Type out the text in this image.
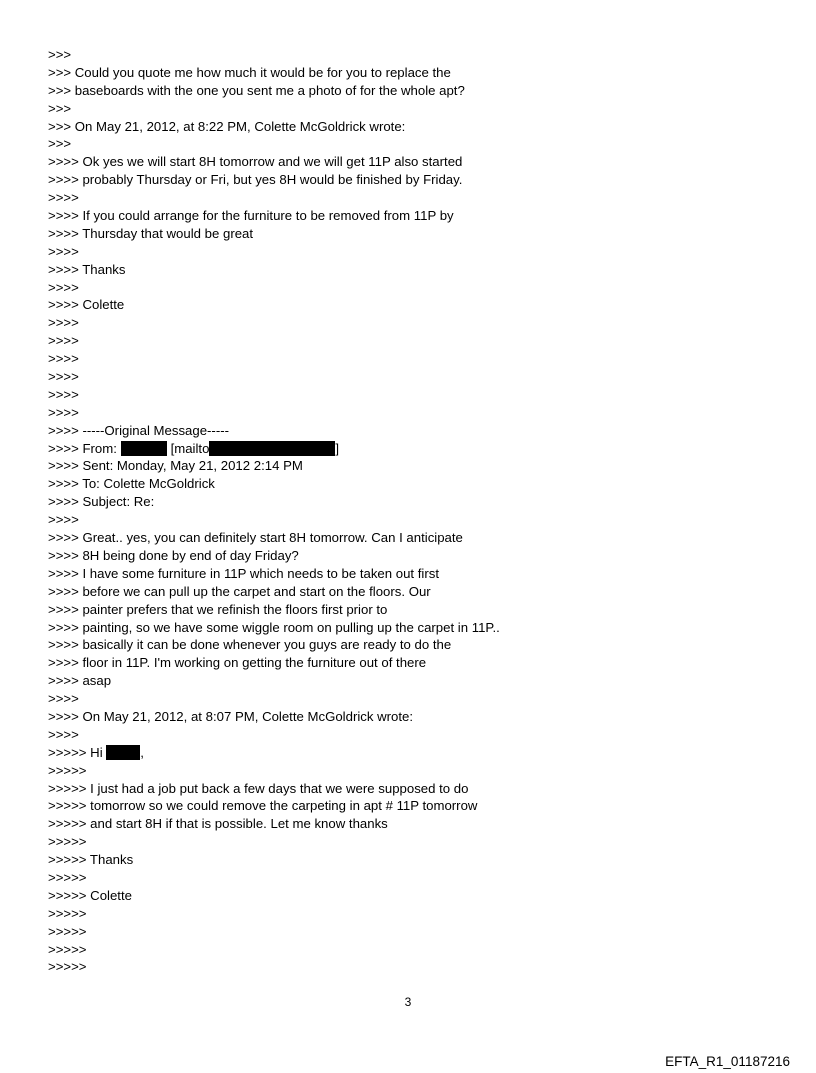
>>>
>>> Could you quote me how much it would be for you to replace the
>>> baseboards with the one you sent me a photo of for the whole apt?
>>>
>>> On May 21, 2012, at 8:22 PM, Colette McGoldrick wrote:
>>>
>>>> Ok yes we will start 8H tomorrow and we will get 11P also started
>>>> probably Thursday or Fri, but yes 8H would be finished by Friday.
>>>>
>>>> If you could arrange for the furniture to be removed from 11P by
>>>> Thursday that would be great
>>>>
>>>> Thanks
>>>>
>>>> Colette
>>>>
>>>>
>>>>
>>>>
>>>>
>>>>
>>>> -----Original Message-----
>>>> From:	[mailto	]
>>>> Sent: Monday, May 21, 2012 2:14 PM
>>>> To: Colette McGoldrick
>>>> Subject: Re:
>>>>
>>>> Great.. yes, you can definitely start 8H tomorrow. Can I anticipate
>>>> 8H being done by end of day Friday?
>>>> I have some furniture in 11P which needs to be taken out first
>>>> before we can pull up the carpet and start on the floors. Our
>>>> painter prefers that we refinish the floors first prior to
>>>> painting, so we have some wiggle room on pulling up the carpet in 11P..
>>>> basically it can be done whenever you guys are ready to do the
>>>> floor in 11P. I'm working on getting the furniture out of there
>>>> asap
>>>>
>>>> On May 21, 2012, at 8:07 PM, Colette McGoldrick wrote:
>>>>
>>>>> Hi	,
>>>>>
>>>>> I just had a job put back a few days that we were supposed to do
>>>>> tomorrow so we could remove the carpeting in apt # 11P tomorrow
>>>>> and start 8H if that is possible. Let me know thanks
>>>>>
>>>>> Thanks
>>>>>
>>>>> Colette
>>>>>
>>>>>
>>>>>
>>>>>
3
EFTA_R1_01187216
